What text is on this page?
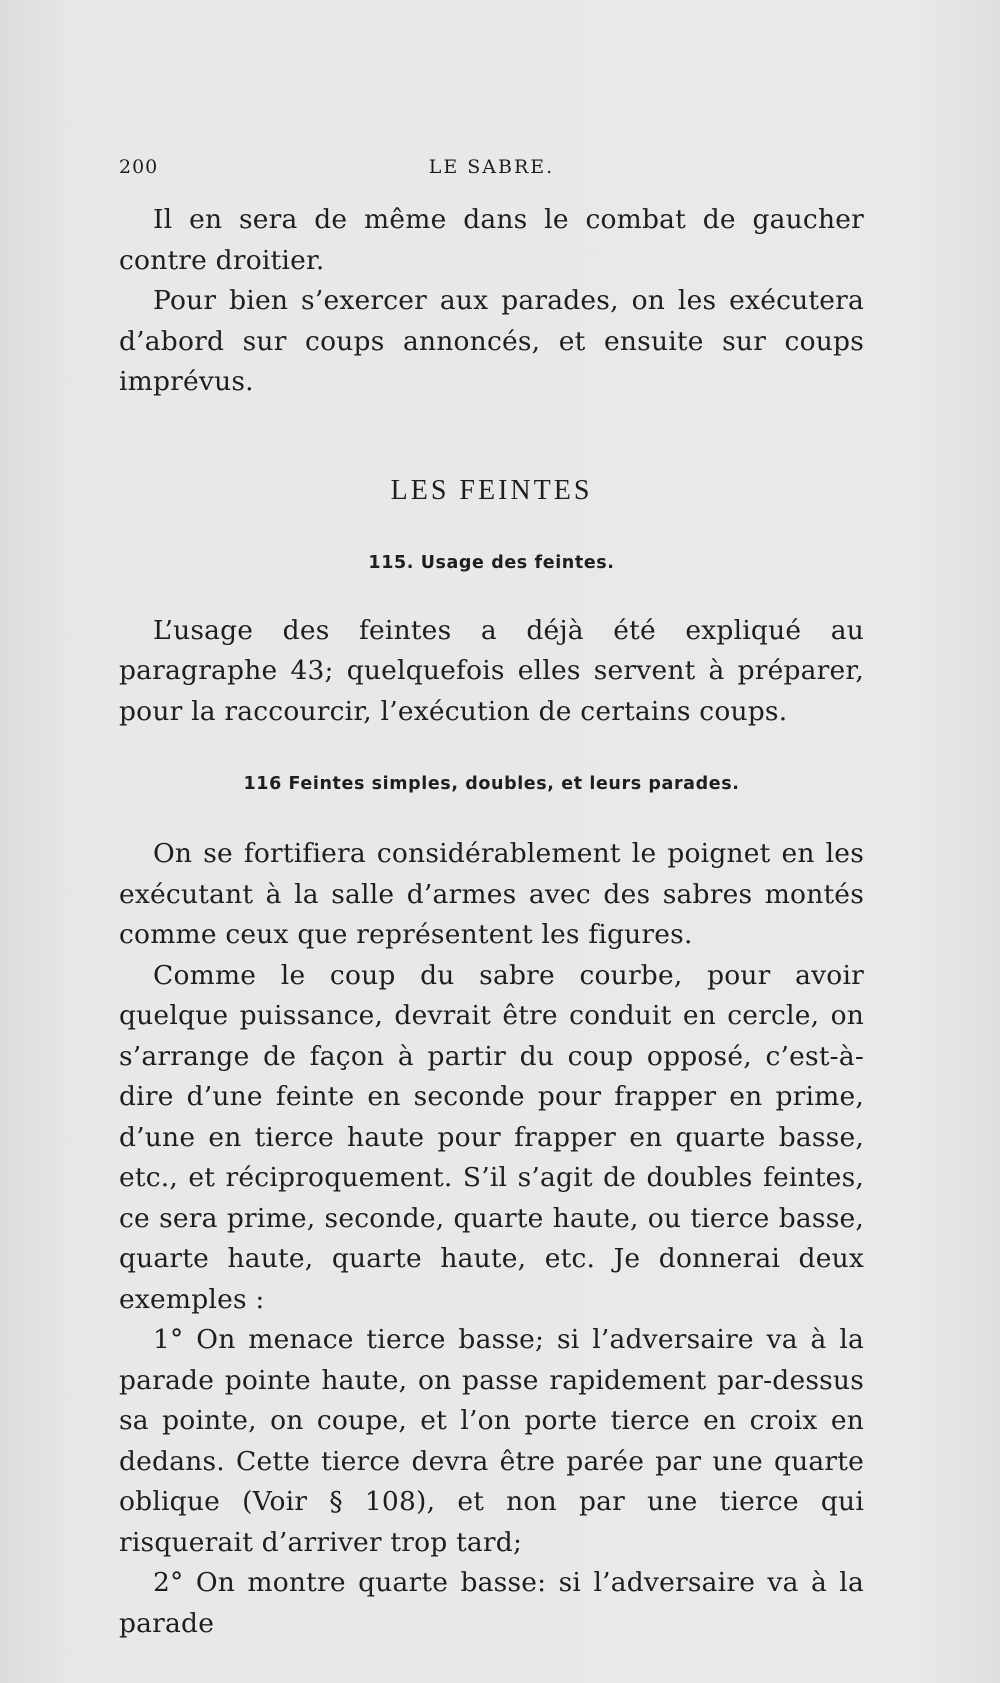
200	LE SABRE.

Il en sera de même dans le combat de gaucher contre droitier.

Pour bien s’exercer aux parades, on les exécutera d’abord sur coups annoncés, et ensuite sur coups imprévus.

LES FEINTES
115. Usage des feintes.

L’usage des feintes a déjà été expliqué au paragraphe 43; quelquefois elles servent à préparer, pour la raccourcir, l’exécution de certains coups.

116 Feintes simples, doubles, et leurs parades.

On se fortifiera considérablement le poignet en les exécutant à la salle d’armes avec des sabres montés comme ceux que représentent les figures.

Comme le coup du sabre courbe, pour avoir quelque puissance, devrait être conduit en cercle, on s’arrange de façon à partir du coup opposé, c’est-à-dire d’une feinte en seconde pour frapper en prime, d’une en tierce haute pour frapper en quarte basse, etc., et réciproquement. S’il s’agit de doubles feintes, ce sera prime, seconde, quarte haute, ou tierce basse, quarte haute, quarte haute, etc. Je donnerai deux exemples :

1° On menace tierce basse; si l’adversaire va à la parade pointe haute, on passe rapidement par-dessus sa pointe, on coupe, et l’on porte tierce en croix en dedans. Cette tierce devra être parée par une quarte oblique (Voir § 108), et non par une tierce qui risquerait d’arriver trop tard;

2° On montre quarte basse: si l’adversaire va à la parade
